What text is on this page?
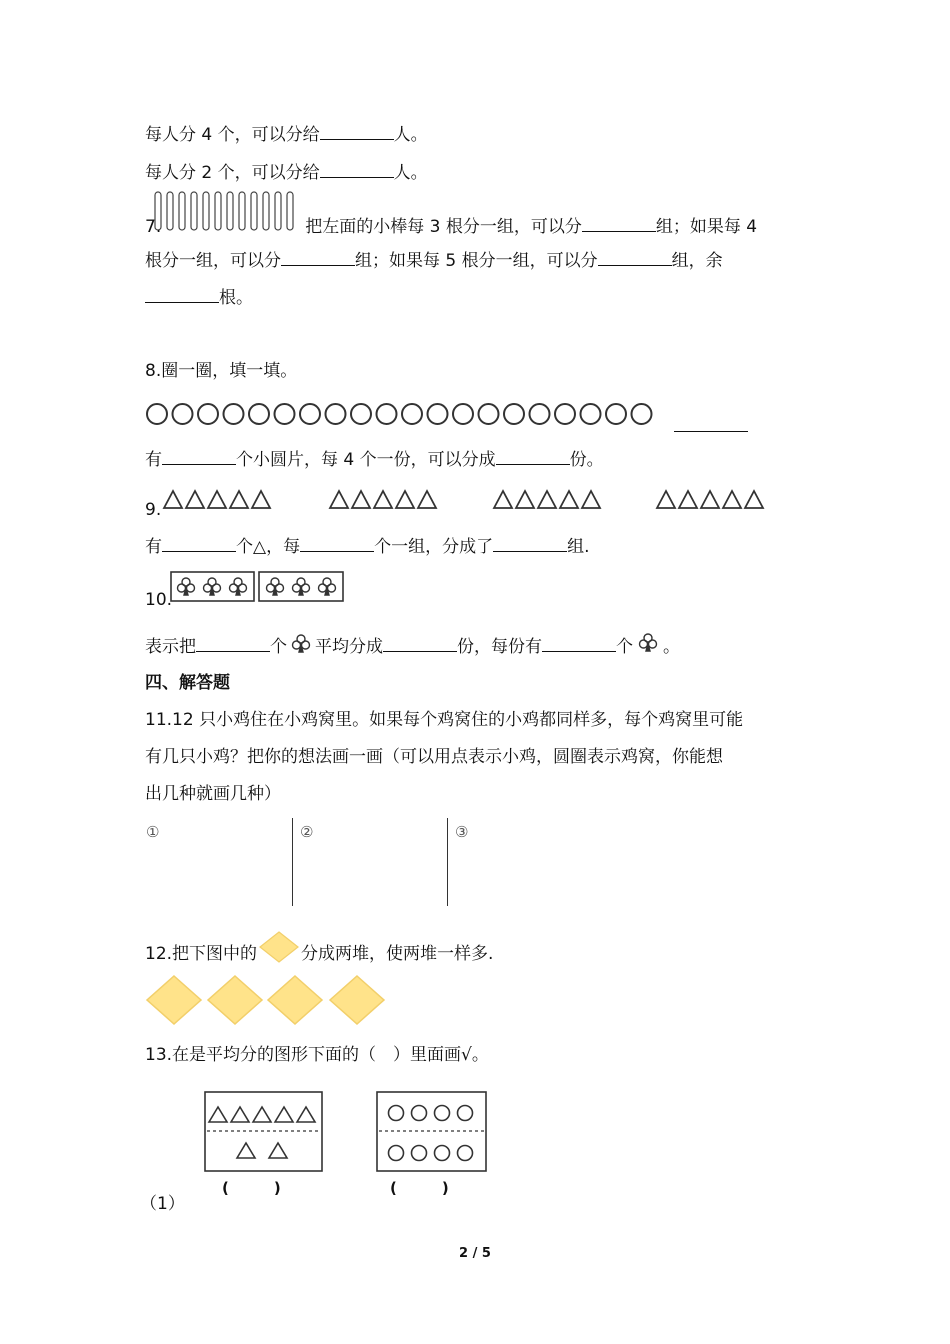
每人分 4 个，可以分给	人。
每人分 2 个，可以分给	人。
7.	把左面的小棒每 3 根分一组，可以分	组；如果每 4
根分一组，可以分	组；如果每 5 根分一组，可以分	组，余
根。
8.圈一圈，填一填。
有	个小圆片，每 4 个一份，可以分成	份。
9.
有	个△，每	个一组，分成了	组.
10.
表示把	个 平均分成	份，每份有	个 。
四、解答题
11.12 只小鸡住在小鸡窝里。如果每个鸡窝住的小鸡都同样多，每个鸡窝里可能
有几只小鸡？把你的想法画一画（可以用点表示小鸡，圆圈表示鸡窝，你能想
出几种就画几种）
①	②	③
12.把下图中的	分成两堆，使两堆一样多.
13.在是平均分的图形下面的（　）里面画√。
(　　　)	(　　　)
（1）
2 / 5
